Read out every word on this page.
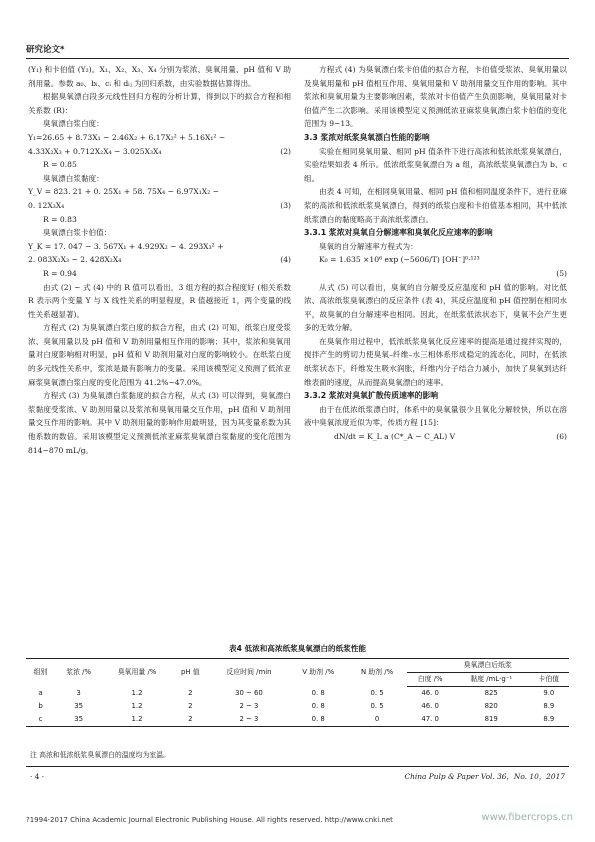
研究论文*

(Y₁) 和卡伯值 (Y₂)。X₁、X₂、X₃、X₄ 分别为浆浓、臭氧用量、pH 值和 V 助剂用量。参数 a₀、bᵢ、cᵢ 和 dᵢⱼ 为回归系数，由实验数据估算得出。

根据臭氧漂白段多元线性回归方程的分析计算，得到以下的拟合方程和相关系数 (R)：

臭氧漂白浆白度：

Y₁=26.65 + 8.73X₁ − 2.46X₂ + 6.17X₂² + 5.16X₁² −

4.33X₂X₃ + 0.712X₂X₄ − 3.025X₃X₄	(2)

R = 0.85

臭氧漂白浆黏度：

Y_V = 823. 21 + 0. 25X₁ + 58. 75X₄ − 6.97X₁X₂ −

0. 12X₃X₄	(3)

R = 0.83

臭氧漂白浆卡伯值：

Y_K = 17. 047 − 3. 567X₁ + 4.929X₂ − 4. 293X₃² +

2. 083X₂X₃ − 2. 428X₂X₄	(4)

R = 0.94

由式 (2) ~ 式 (4) 中的 R 值可以看出，3 组方程的拟合程度好 (相关系数 R 表示两个变量 Y 与 X 线性关系的明显程度，R 值越接近 1，两个变量的线性关系越显著)。

方程式 (2) 为臭氧漂白浆白度的拟合方程，由式 (2) 可知，纸浆白度受浆浓、臭氧用量以及 pH 值和 V 助剂用量相互作用的影响；其中，浆浓和臭氧用量对白度影响相对明显，pH 值和 V 助剂用量对白度的影响较小。在纸浆白度的多元线性关系中，浆浓是最有影响力的变量。采用该模型定义预测了低浓亚麻浆臭氧漂白浆白度的变化范围为 41.2%~47.0%。

方程式 (3) 为臭氧漂白浆黏度的拟合方程，从式 (3) 可以得到，臭氧漂白浆黏度受浆浓、V 助剂用量以及浆浓和臭氧用量交互作用，pH 值和 V 助剂用量交互作用的影响。其中 V 助剂用量的影响作用最明显，因为其变量系数为其他系数的数倍。采用该模型定义预测低浓亚麻浆臭氧漂白浆黏度的变化范围为 814~870 mL/g。

方程式 (4) 为臭氧漂白浆卡伯值的拟合方程，卡伯值受浆浓、臭氧用量以及臭氧用量和 pH 值相互作用、臭氧用量和 V 助剂用量交互作用的影响。其中浆浓和臭氧用量为主要影响因素，浆浓对卡伯值产生负面影响，臭氧用量对卡伯值产生二次影响。采用该模型定义预测低浓亚麻浆臭氧漂白浆卡伯值的变化范围为 9~13。

3.3 浆浓对纸浆臭氧漂白性能的影响

实验在相同臭氧用量、相同 pH 值条件下进行高浓和低浓纸浆臭氧漂白，实验结果如表 4 所示。低浓纸浆臭氧漂白为 a 组，高浓纸浆臭氧漂白为 b、c 组。

由表 4 可知，在相同臭氧用量、相同 pH 值和相同温度条件下，进行亚麻浆的高浓和低浓纸浆臭氧漂白，得到的纸浆白度和卡伯值基本相同，其中低浓纸浆漂白的黏度略高于高浓纸浆漂白。

3.3.1 浆浓对臭氧自分解速率和臭氧化反应速率的影响

臭氧的自分解速率方程式为：

K₀ = 1.635 ×10⁶ exp (−5606/T) [OH⁻]⁰·¹²³

(5)

从式 (5) 可以看出，臭氧的自分解受反应温度和 pH 值的影响。对比低浓、高浓纸浆臭氧漂白的反应条件 (表 4)，其反应温度和 pH 值控制在相同水平，故臭氧的自分解速率也相同。因此，在纸浆低浓状态下，臭氧不会产生更多的无效分解。

在臭氧作用过程中，低浓纸浆臭氧化反应速率的提高是通过搅拌实现的，搅拌产生的剪切力使臭氧–纤维–水三相体系形成稳定的流态化，同时，在低浓纸浆状态下，纤维发生吸水润胀，纤维内分子结合力减小，加快了臭氧到达纤维表面的速度，从而提高臭氧漂白的速率。

3.3.2 浆浓对臭氧扩散传质速率的影响

由于在低浓纸浆漂白时，体系中的臭氧量很少且氧化分解较快，所以在溶液中臭氧浓度近似为零，传质方程 [15]：

dN/dt = K_L a (C*_A − C_AL) V	(6)
表4 低浓和高浓纸浆臭氧漂白的纸浆性能
组别	浆浓 /%	臭氧用量 /%	pH 值	反应时间 /min	V 助剂 /%	N 助剂 /%	臭氧漂白后纸浆		
							白度 /%	黏度 /mL·g⁻¹	卡伯值
a	3	1.2	2	30 ~ 60	0. 8	0. 5	46. 0	825	9.0
b	35	1.2	2	2 ~ 3	0. 8	0. 5	46. 0	820	8.9
c	35	1.2	2	2 ~ 3	0. 8	0	47. 0	819	8.9
注 高浓和低浓纸浆臭氧漂白的温度均为室温。
· 4 ·	China Pulp & Paper Vol. 36，No. 10，2017
?1994-2017 China Academic Journal Electronic Publishing House. All rights reserved. http://www.cnki.net	www.fibercrops.cn
